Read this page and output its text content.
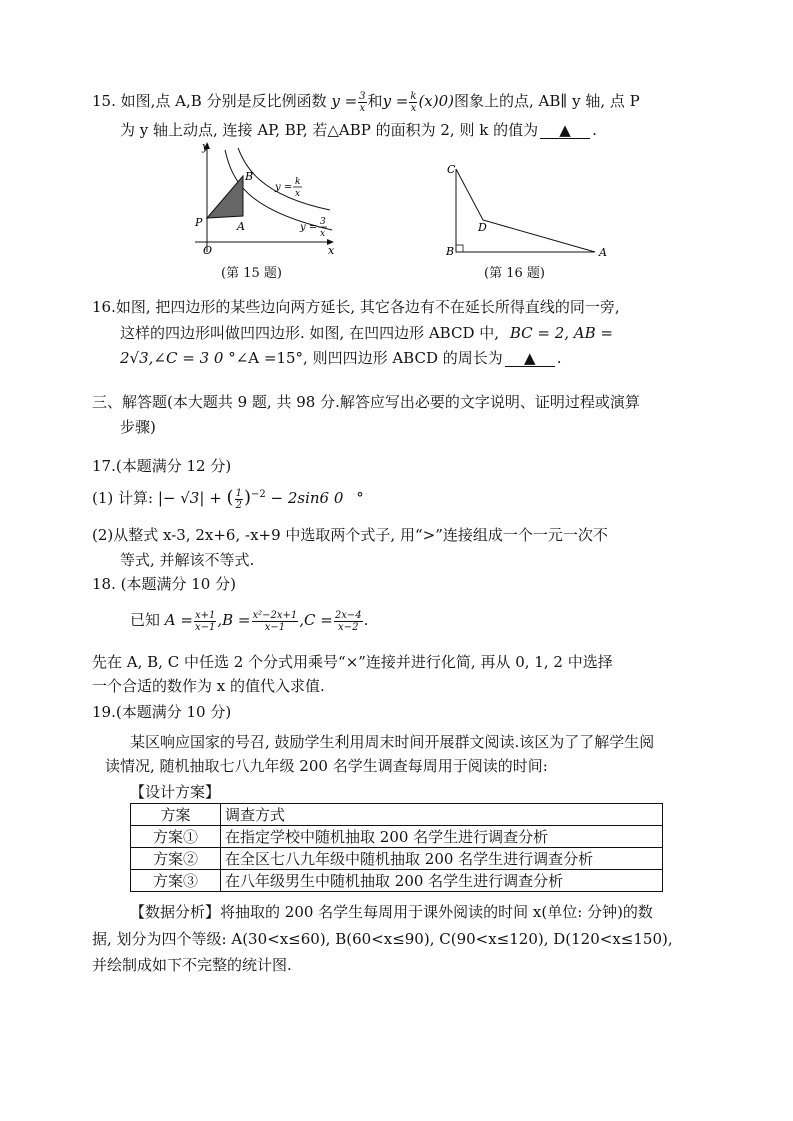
15. 如图,点 A,B 分别是反比例函数 $y = \frac{3}{x}$ 和$y = \frac{k}{x} (x)0$)图象上的点, AB∥ y 轴, 点 P
为 y 轴上动点, 连接 AP, BP, 若△ABP 的面积为 2, 则 k 的值为 ▲ .
y
x
O
P	A
B
y = k
x
y = 3
x
(第 15 题)
C
D
B	A
(第 16 题)
16.如图, 把四边形的某些边向两方延长, 其它各边有不在延长所得直线的同一旁,
这样的四边形叫做凹四边形. 如图, 在凹四边形 ABCD 中, BC = 2, AB =
2√3,∠C = 3 0 °∠A =15°, 则凹四边形 ABCD 的周长为 ▲ .
三、解答题(本大题共 9 题, 共 98 分.解答应写出必要的文字说明、证明过程或演算
步骤)
17.(本题满分 12 分)
(1) 计算: |− √3| + ( $\frac{1}{2} )^{-2} - 2\sin 6$ 0 °
(2)从整式 x-3, 2x+6, -x+9 中选取两个式子, 用“>”连接组成一个一元一次不
等式, 并解该不等式.
18. (本题满分 10 分)
已知 $A = \frac{x+1}{x-1} ,B = \frac{\text{x²−2x+1}}{x-1} ,C = \frac{2x-4}{x-2}$ .
先在 A, B, C 中任选 2 个分式用乘号“×”连接并进行化简, 再从 0, 1, 2 中选择
一个合适的数作为 x 的值代入求值.
19.(本题满分 10 分)
某区响应国家的号召, 鼓励学生利用周末时间开展群文阅读.该区为了了解学生阅
读情况, 随机抽取七八九年级 200 名学生调查每周用于阅读的时间:
【设计方案】
方案	调查方式
方案①	在指定学校中随机抽取 200 名学生进行调查分析
方案②	在全区七八九年级中随机抽取 200 名学生进行调查分析
方案③	在八年级男生中随机抽取 200 名学生进行调查分析
【数据分析】将抽取的 200 名学生每周用于课外阅读的时间 x(单位: 分钟)的数
据, 划分为四个等级: A(30<x≤60), B(60<x≤90), C(90<x≤120), D(120<x≤150),
并绘制成如下不完整的统计图.
